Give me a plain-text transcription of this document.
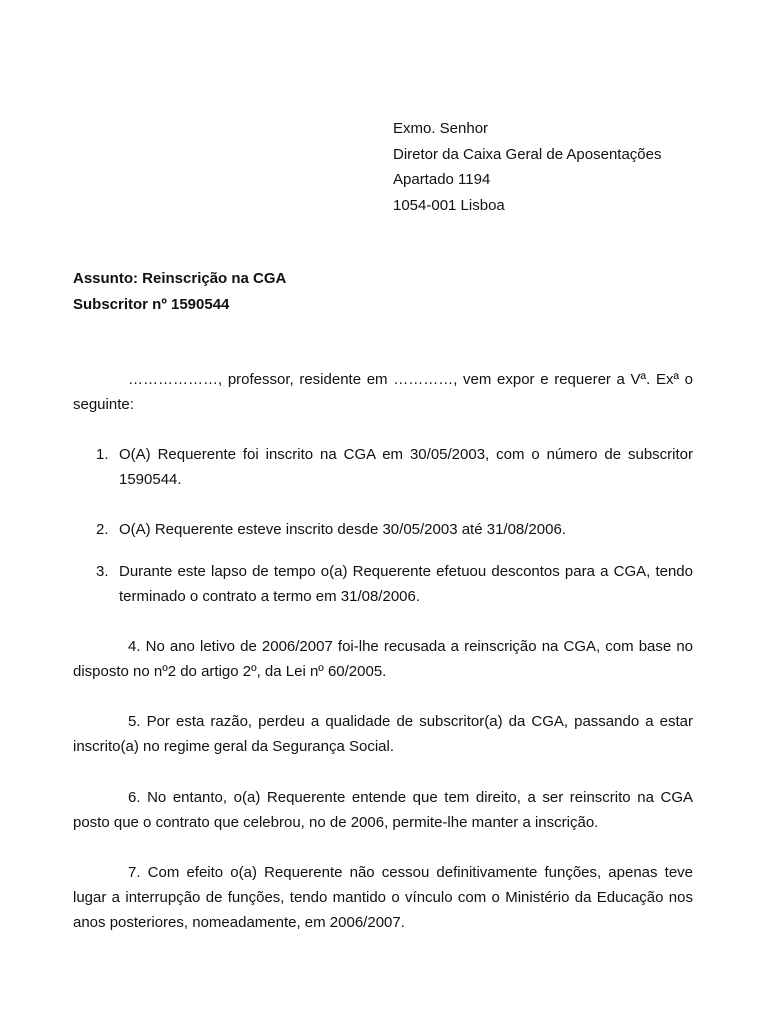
Exmo. Senhor
Diretor da Caixa Geral de Aposentações
Apartado 1194
1054-001 Lisboa
Assunto: Reinscrição na CGA
Subscritor nº 1590544
………………, professor, residente em …………, vem expor e requerer a Vª. Exª o seguinte:
1. O(A) Requerente foi inscrito na CGA em 30/05/2003, com o número de subscritor 1590544.
2. O(A) Requerente esteve inscrito desde 30/05/2003 até 31/08/2006.
3. Durante este lapso de tempo o(a) Requerente efetuou descontos para a CGA, tendo terminado o contrato a termo em 31/08/2006.
4. No ano letivo de 2006/2007 foi-lhe recusada a reinscrição na CGA, com base no disposto no nº2 do artigo 2º, da Lei nº 60/2005.
5. Por esta razão, perdeu a qualidade de subscritor(a) da CGA, passando a estar inscrito(a) no regime geral da Segurança Social.
6. No entanto, o(a) Requerente entende que tem direito, a ser reinscrito na CGA posto que o contrato que celebrou, no de 2006, permite-lhe manter a inscrição.
7. Com efeito o(a) Requerente não cessou definitivamente funções, apenas teve lugar a interrupção de funções, tendo mantido o vínculo com o Ministério da Educação nos anos posteriores, nomeadamente, em 2006/2007.
